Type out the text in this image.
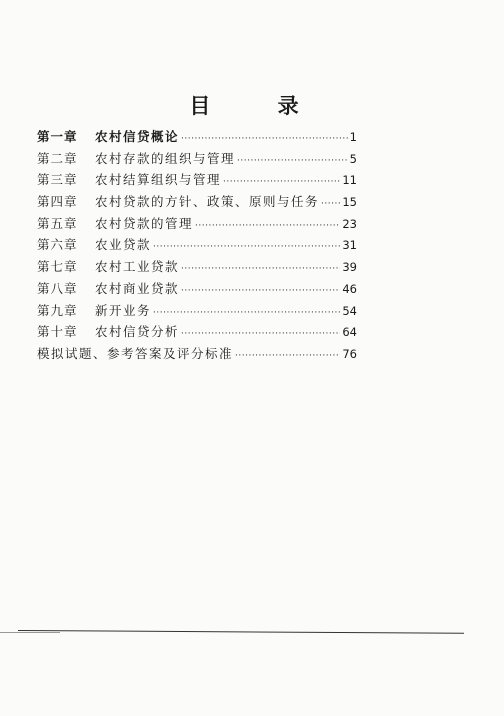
目 录
第一章	农村信贷概论 ·····	1
第二章	农村存款的组织与管理 ·····	5
第三章	农村结算组织与管理 ·····	11
第四章	农村贷款的方针、政策、原则与任务 ····· 15
第五章	农村贷款的管理 ·····	23
第六章	农业贷款 ·····	31
第七章	农村工业贷款 ·····	39
第八章	农村商业贷款 ·····	46
第九章	新开业务 ·····	54
第十章	农村信贷分析 ·····	64
模拟试题、参考答案及评分标准 ·····	76
